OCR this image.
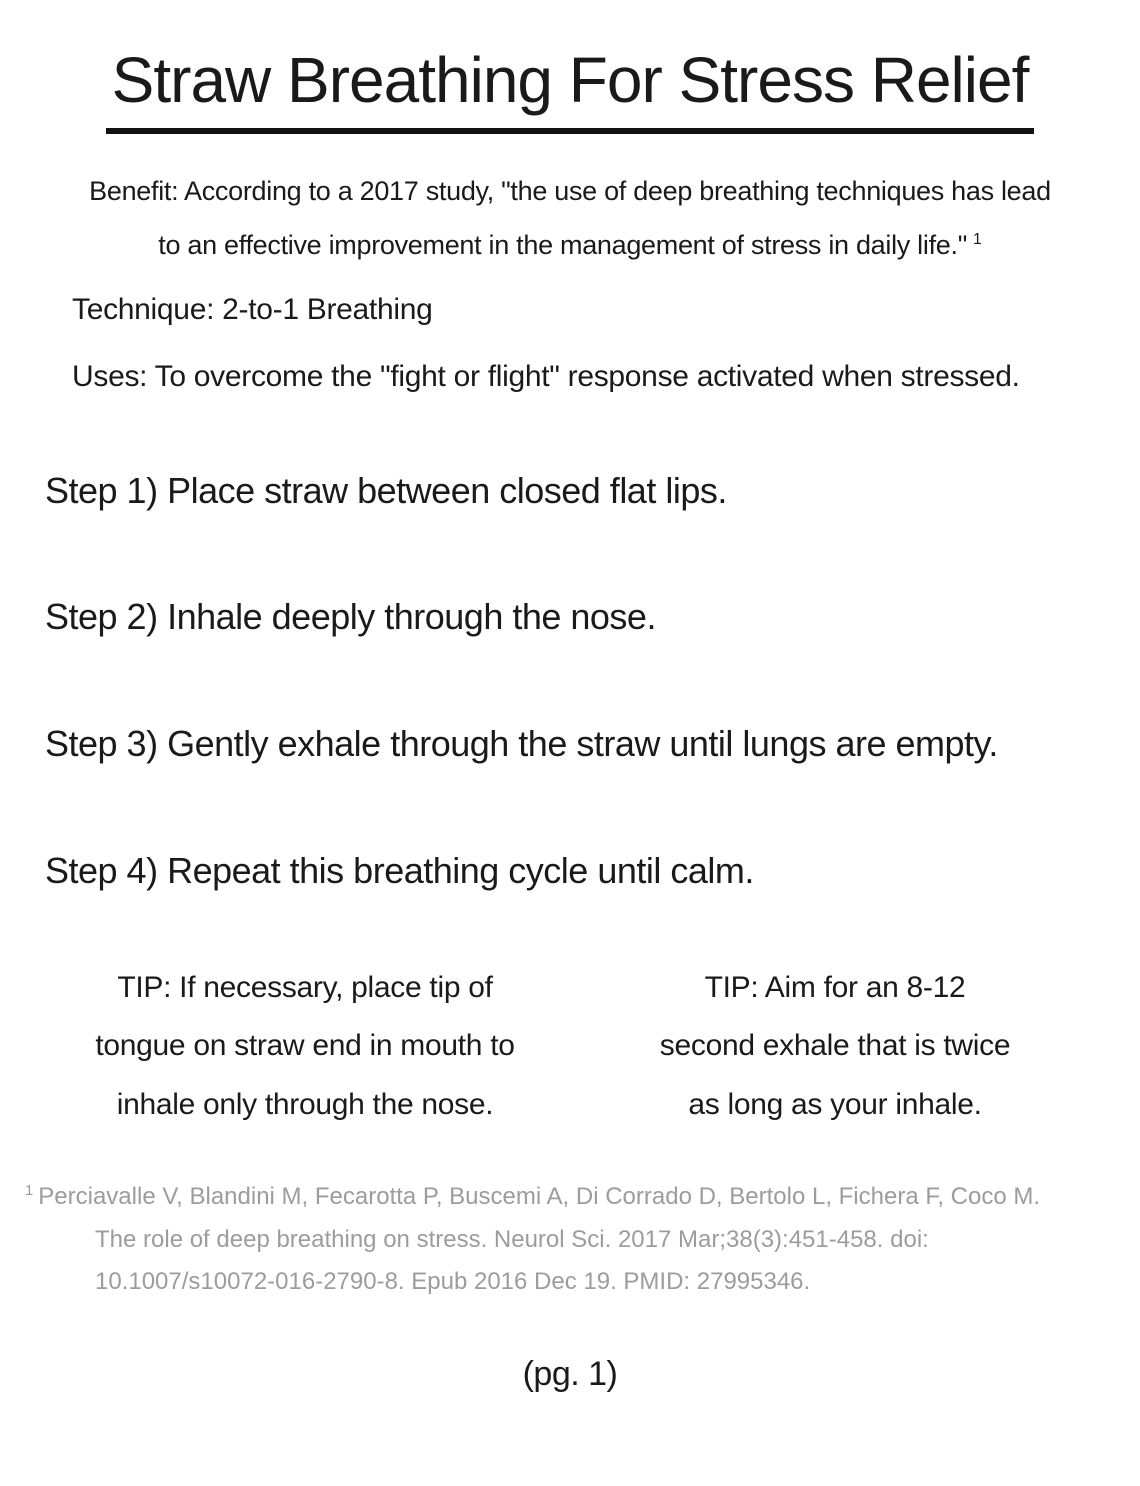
Straw Breathing For Stress Relief

Benefit: According to a 2017 study, "the use of deep breathing techniques has lead
to an effective improvement in the management of stress in daily life." $^1$

Technique: 2-to-1 Breathing
Uses: To overcome the "fight or flight" response activated when stressed.
Step 1) Place straw between closed flat lips.
Step 2) Inhale deeply through the nose.
Step 3) Gently exhale through the straw until lungs are empty.
Step 4) Repeat this breathing cycle until calm.
TIP: If necessary, place tip of
tongue on straw end in mouth to
inhale only through the nose.
TIP: Aim for an 8-12
second exhale that is twice
as long as your inhale.
$^1$ Perciavalle V, Blandini M, Fecarotta P, Buscemi A, Di Corrado D, Bertolo L, Fichera F, Coco M.
The role of deep breathing on stress. Neurol Sci. 2017 Mar;38(3):451-458. doi:
10.1007/s10072-016-2790-8. Epub 2016 Dec 19. PMID: 27995346.
(pg. 1)
